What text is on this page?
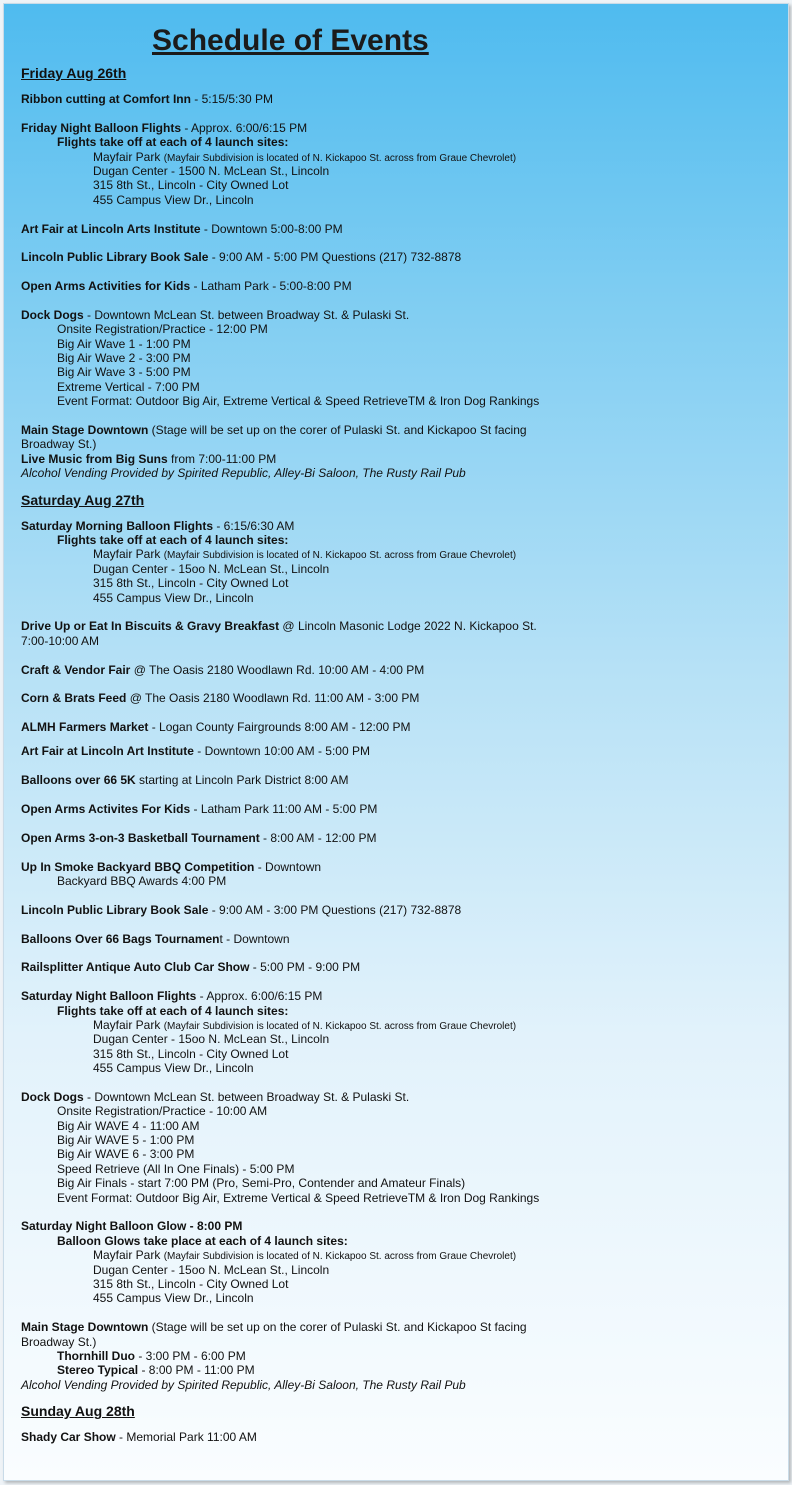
Schedule of Events
Friday Aug 26th
Ribbon cutting at Comfort Inn - 5:15/5:30 PM
Friday Night Balloon Flights - Approx. 6:00/6:15 PM
Flights take off at each of 4 launch sites:
Mayfair Park (Mayfair Subdivision is located of N. Kickapoo St. across from Graue Chevrolet)
Dugan Center - 1500 N. McLean St., Lincoln
315 8th St., Lincoln - City Owned Lot
455 Campus View Dr., Lincoln
Art Fair at Lincoln Arts Institute - Downtown 5:00-8:00 PM
Lincoln Public Library Book Sale - 9:00 AM - 5:00 PM Questions (217) 732-8878
Open Arms Activities for Kids - Latham Park - 5:00-8:00 PM
Dock Dogs - Downtown McLean St. between Broadway St. & Pulaski St.
Onsite Registration/Practice - 12:00 PM
Big Air Wave 1 - 1:00 PM
Big Air Wave 2 - 3:00 PM
Big Air Wave 3 - 5:00 PM
Extreme Vertical - 7:00 PM
Event Format: Outdoor Big Air, Extreme Vertical & Speed RetrieveTM & Iron Dog Rankings
Main Stage Downtown (Stage will be set up on the corer of Pulaski St. and Kickapoo St facing Broadway St.)
Live Music from Big Suns from 7:00-11:00 PM
Alcohol Vending Provided by Spirited Republic, Alley-Bi Saloon, The Rusty Rail Pub
Saturday Aug 27th
Saturday Morning Balloon Flights - 6:15/6:30 AM
Flights take off at each of 4 launch sites:
Mayfair Park (Mayfair Subdivision is located of N. Kickapoo St. across from Graue Chevrolet)
Dugan Center - 15oo N. McLean St., Lincoln
315 8th St., Lincoln - City Owned Lot
455 Campus View Dr., Lincoln
Drive Up or Eat In Biscuits & Gravy Breakfast @ Lincoln Masonic Lodge 2022 N. Kickapoo St. 7:00-10:00 AM
Craft & Vendor Fair @ The Oasis 2180 Woodlawn Rd. 10:00 AM - 4:00 PM
Corn & Brats Feed @ The Oasis 2180 Woodlawn Rd. 11:00 AM - 3:00 PM
ALMH Farmers Market - Logan County Fairgrounds 8:00 AM - 12:00 PM
Art Fair at Lincoln Art Institute - Downtown 10:00 AM - 5:00 PM
Balloons over 66 5K starting at Lincoln Park District 8:00 AM
Open Arms Activites For Kids - Latham Park 11:00 AM - 5:00 PM
Open Arms 3-on-3 Basketball Tournament - 8:00 AM - 12:00 PM
Up In Smoke Backyard BBQ Competition - Downtown
Backyard BBQ Awards 4:00 PM
Lincoln Public Library Book Sale - 9:00 AM - 3:00 PM Questions (217) 732-8878
Balloons Over 66 Bags Tournament - Downtown
Railsplitter Antique Auto Club Car Show - 5:00 PM - 9:00 PM
Saturday Night Balloon Flights - Approx. 6:00/6:15 PM
Flights take off at each of 4 launch sites:
Mayfair Park (Mayfair Subdivision is located of N. Kickapoo St. across from Graue Chevrolet)
Dugan Center - 15oo N. McLean St., Lincoln
315 8th St., Lincoln - City Owned Lot
455 Campus View Dr., Lincoln
Dock Dogs - Downtown McLean St. between Broadway St. & Pulaski St.
Onsite Registration/Practice - 10:00 AM
Big Air WAVE 4 - 11:00 AM
Big Air WAVE 5 - 1:00 PM
Big Air WAVE 6 - 3:00 PM
Speed Retrieve (All In One Finals) - 5:00 PM
Big Air Finals - start 7:00 PM (Pro, Semi-Pro, Contender and Amateur Finals)
Event Format: Outdoor Big Air, Extreme Vertical & Speed RetrieveTM & Iron Dog Rankings
Saturday Night Balloon Glow - 8:00 PM
Balloon Glows take place at each of 4 launch sites:
Mayfair Park (Mayfair Subdivision is located of N. Kickapoo St. across from Graue Chevrolet)
Dugan Center - 15oo N. McLean St., Lincoln
315 8th St., Lincoln - City Owned Lot
455 Campus View Dr., Lincoln
Main Stage Downtown (Stage will be set up on the corer of Pulaski St. and Kickapoo St facing Broadway St.)
Thornhill Duo - 3:00 PM - 6:00 PM
Stereo Typical - 8:00 PM - 11:00 PM
Alcohol Vending Provided by Spirited Republic, Alley-Bi Saloon, The Rusty Rail Pub
Sunday Aug 28th
Shady Car Show - Memorial Park 11:00 AM
